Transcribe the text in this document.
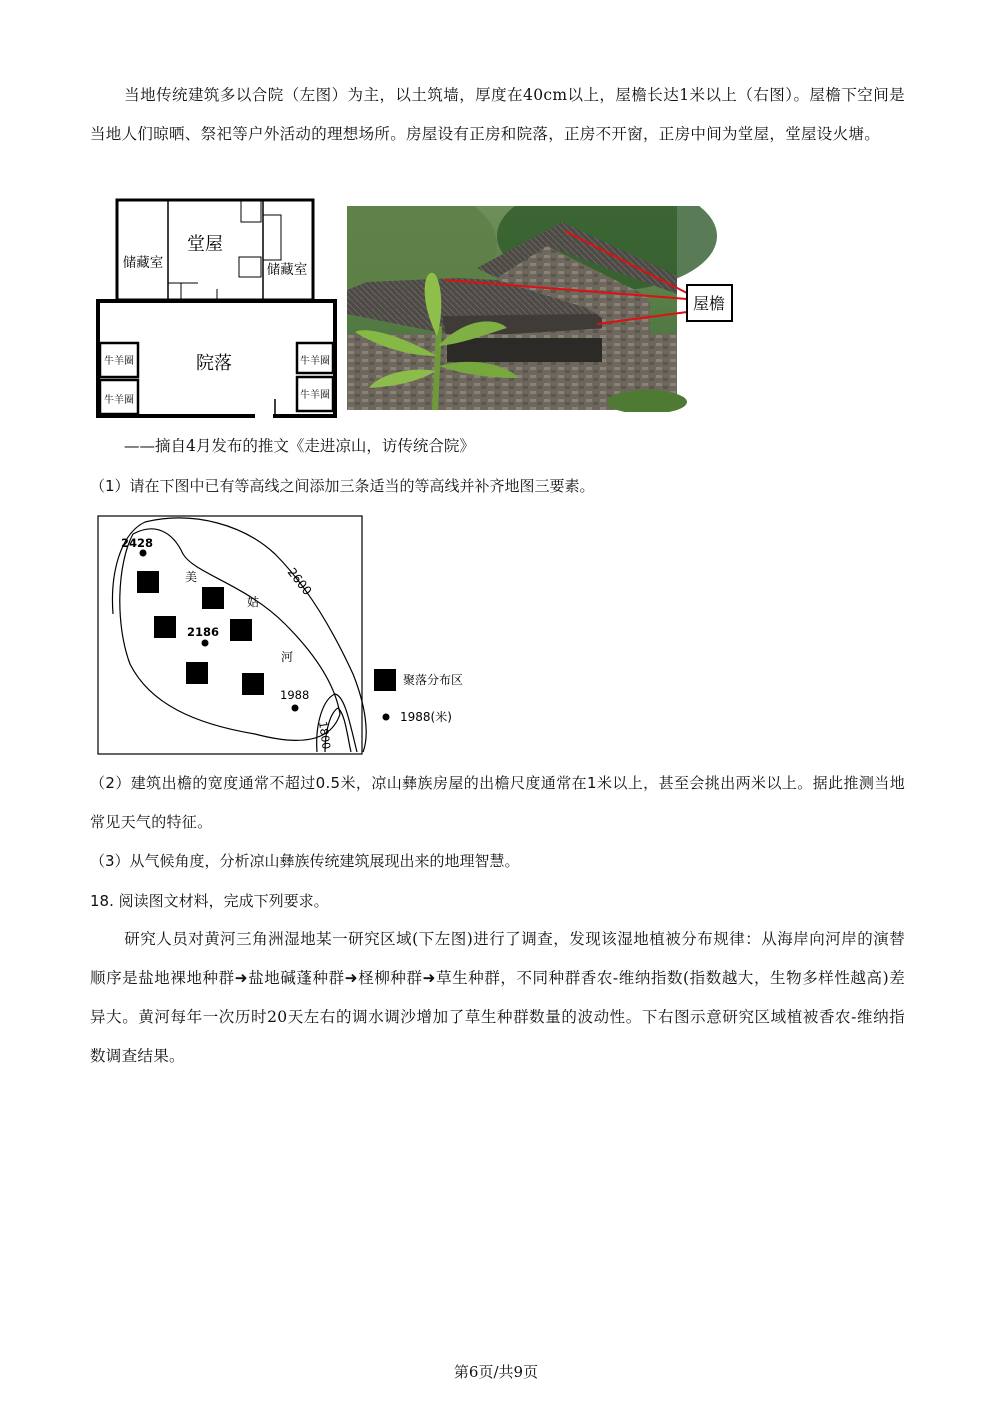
当地传统建筑多以合院（左图）为主，以土筑墙，厚度在40cm以上，屋檐长达1米以上（右图）。屋檐下空间是当地人们晾晒、祭祀等户外活动的理想场所。房屋设有正房和院落，正房不开窗，正房中间为堂屋，堂屋设火塘。
堂屋
储藏室	储藏室
院落
牛羊圈
牛羊圈
牛羊圈
牛羊圈
屋檐
——摘自4月发布的推文《走进凉山，访传统合院》
（1）请在下图中已有等高线之间添加三条适当的等高线并补齐地图三要素。
2600
1800
2428
2186
1988
美
姑
河
聚落分布区
1988(米)
（2）建筑出檐的宽度通常不超过0.5米，凉山彝族房屋的出檐尺度通常在1米以上，甚至会挑出两米以上。据此推测当地常见天气的特征。
（3）从气候角度，分析凉山彝族传统建筑展现出来的地理智慧。
18. 阅读图文材料，完成下列要求。
研究人员对黄河三角洲湿地某一研究区域(下左图)进行了调查，发现该湿地植被分布规律：从海岸向河岸的演替顺序是盐地裸地种群➜盐地碱蓬种群➜柽柳种群➜草生种群，不同种群香农-维纳指数(指数越大，生物多样性越高)差异大。黄河每年一次历时20天左右的调水调沙增加了草生种群数量的波动性。下右图示意研究区域植被香农-维纳指数调查结果。
第6页/共9页
